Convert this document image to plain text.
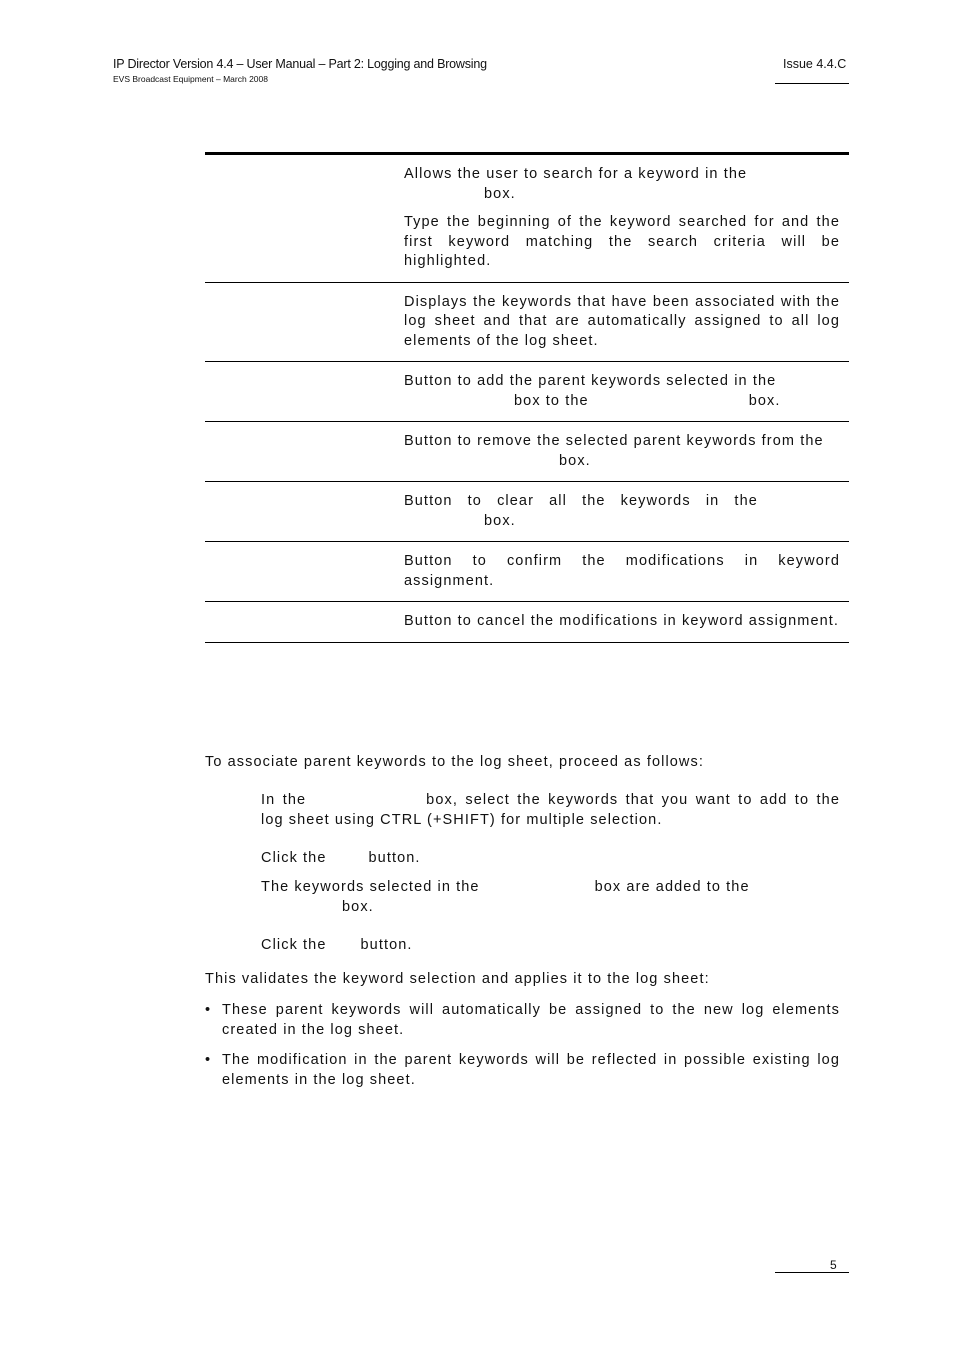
IP Director Version 4.4 – User Manual – Part 2: Logging and Browsing
EVS Broadcast Equipment – March 2008
Issue 4.4.C

Allows the user to search for a keyword in the
box.

Type the beginning of the keyword searched for and the first keyword matching the search criteria will be highlighted.

Displays the keywords that have been associated with the log sheet and that are automatically assigned to all log elements of the log sheet.

Button to add the parent keywords selected in the
box to the	box.

Button to remove the selected parent keywords from the
box.

Button to clear all the keywords in the
box.

Button to confirm the modifications in keyword assignment.

Button to cancel the modifications in keyword assignment.

To associate parent keywords to the log sheet, proceed as follows:
In the	box, select the keywords that you want to add to the log sheet using CTRL (+SHIFT) for multiple selection.
Click the	button.
The keywords selected in the	box are added to the
box.
Click the button.
This validates the keyword selection and applies it to the log sheet:
• These parent keywords will automatically be assigned to the new log elements created in the log sheet.
• The modification in the parent keywords will be reflected in possible existing log elements in the log sheet.
5
